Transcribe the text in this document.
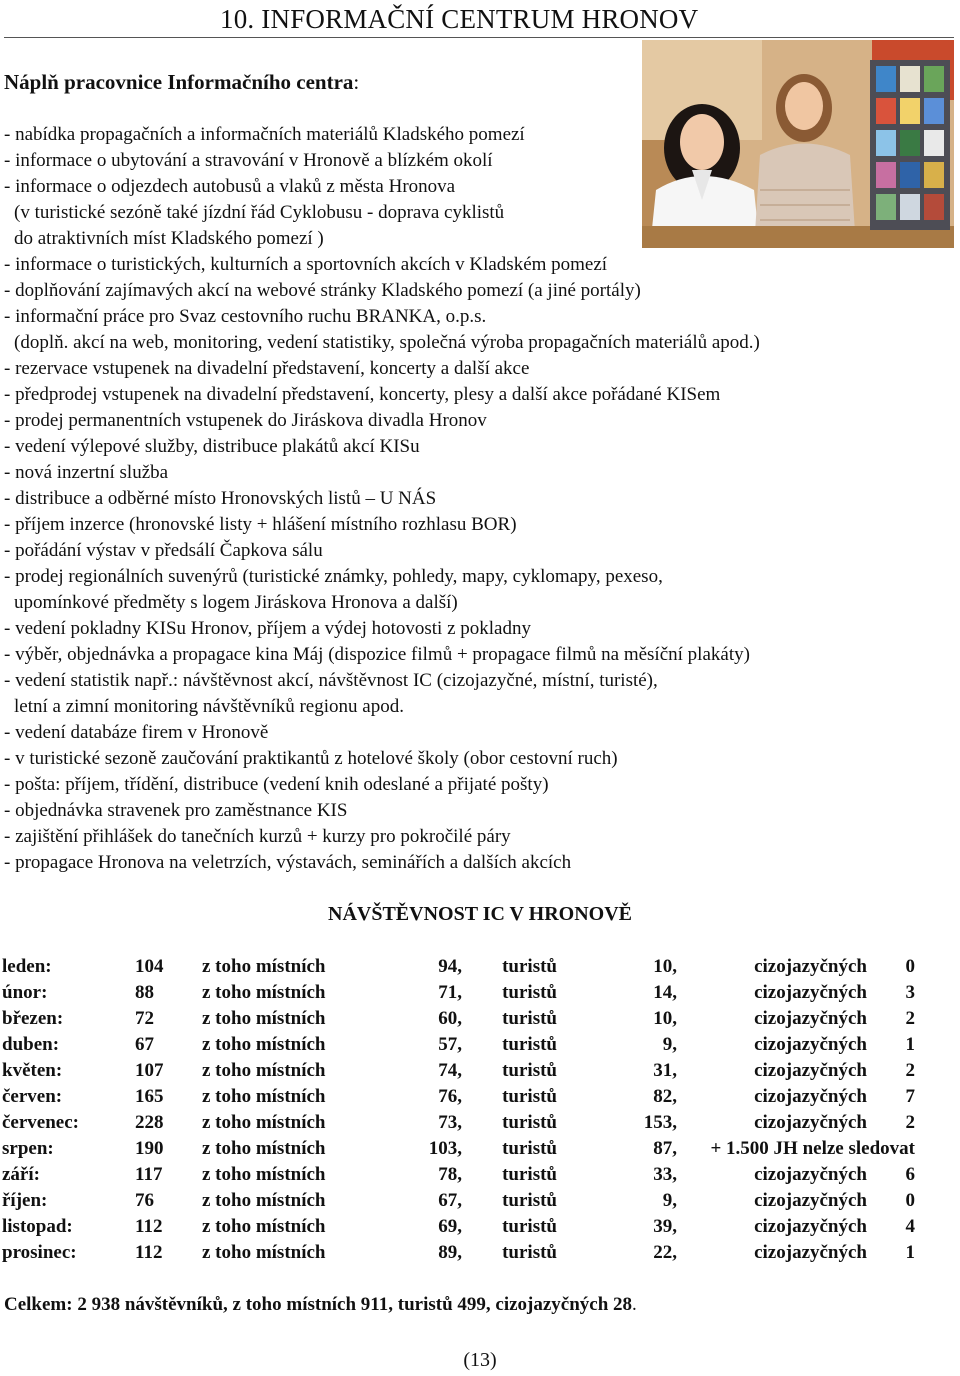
10. INFORMAČNÍ CENTRUM HRONOV
Náplň pracovnice Informačního centra:
- nabídka propagačních a informačních materiálů Kladského pomezí
- informace o ubytování a stravování v Hronově a blízkém okolí
- informace o odjezdech autobusů a vlaků z města Hronova
(v turistické sezóně také jízdní řád Cyklobusu - doprava cyklistů
do atraktivních míst Kladského pomezí )
- informace o turistických, kulturních a sportovních akcích v Kladském pomezí
- doplňování zajímavých akcí na webové stránky Kladského pomezí (a jiné portály)
- informační práce pro Svaz cestovního ruchu BRANKA, o.p.s.
(doplň. akcí na web, monitoring, vedení statistiky, společná výroba propagačních materiálů apod.)
- rezervace vstupenek na divadelní představení, koncerty a další akce
- předprodej vstupenek na divadelní představení, koncerty, plesy a další akce pořádané KISem
- prodej permanentních vstupenek do Jiráskova divadla Hronov
- vedení výlepové služby, distribuce plakátů akcí KISu
- nová inzertní služba
- distribuce a odběrné místo Hronovských listů – U NÁS
- příjem inzerce (hronovské listy + hlášení místního rozhlasu BOR)
- pořádání výstav v předsálí Čapkova sálu
- prodej regionálních suvenýrů (turistické známky, pohledy, mapy, cyklomapy, pexeso,
upomínkové předměty s logem Jiráskova Hronova a další)
- vedení pokladny KISu Hronov, příjem a výdej hotovosti z pokladny
- výběr, objednávka a propagace kina Máj (dispozice filmů + propagace filmů na měsíční plakáty)
- vedení statistik např.: návštěvnost akcí, návštěvnost IC (cizojazyčné, místní, turisté),
letní a zimní monitoring návštěvníků regionu apod.
- vedení databáze firem v Hronově
- v turistické sezoně zaučování praktikantů z hotelové školy (obor cestovní ruch)
- pošta: příjem, třídění, distribuce (vedení knih odeslané a přijaté pošty)
- objednávka stravenek pro zaměstnance KIS
- zajištění přihlášek do tanečních kurzů + kurzy pro pokročilé páry
- propagace Hronova na veletrzích, výstavách, seminářích a dalších akcích
NÁVŠTĚVNOST IC V HRONOVĚ
leden:	104	z toho místních	94,	turistů	10,	cizojazyčných	0
únor:	88	z toho místních	71,	turistů	14,	cizojazyčných	3
březen:	72	z toho místních	60,	turistů	10,	cizojazyčných	2
duben:	67	z toho místních	57,	turistů	9,	cizojazyčných	1
květen:	107	z toho místních	74,	turistů	31,	cizojazyčných	2
červen:	165	z toho místních	76,	turistů	82,	cizojazyčných	7
červenec:	228	z toho místních	73,	turistů	153,	cizojazyčných	2
srpen:	190	z toho místních	103,	turistů	87,	+ 1.500 JH nelze sledovat	
září:	117	z toho místních	78,	turistů	33,	cizojazyčných	6
říjen:	76	z toho místních	67,	turistů	9,	cizojazyčných	0
listopad:	112	z toho místních	69,	turistů	39,	cizojazyčných	4
prosinec:	112	z toho místních	89,	turistů	22,	cizojazyčných	1
Celkem: 2 938 návštěvníků, z toho místních 911, turistů 499, cizojazyčných 28.
(13)
